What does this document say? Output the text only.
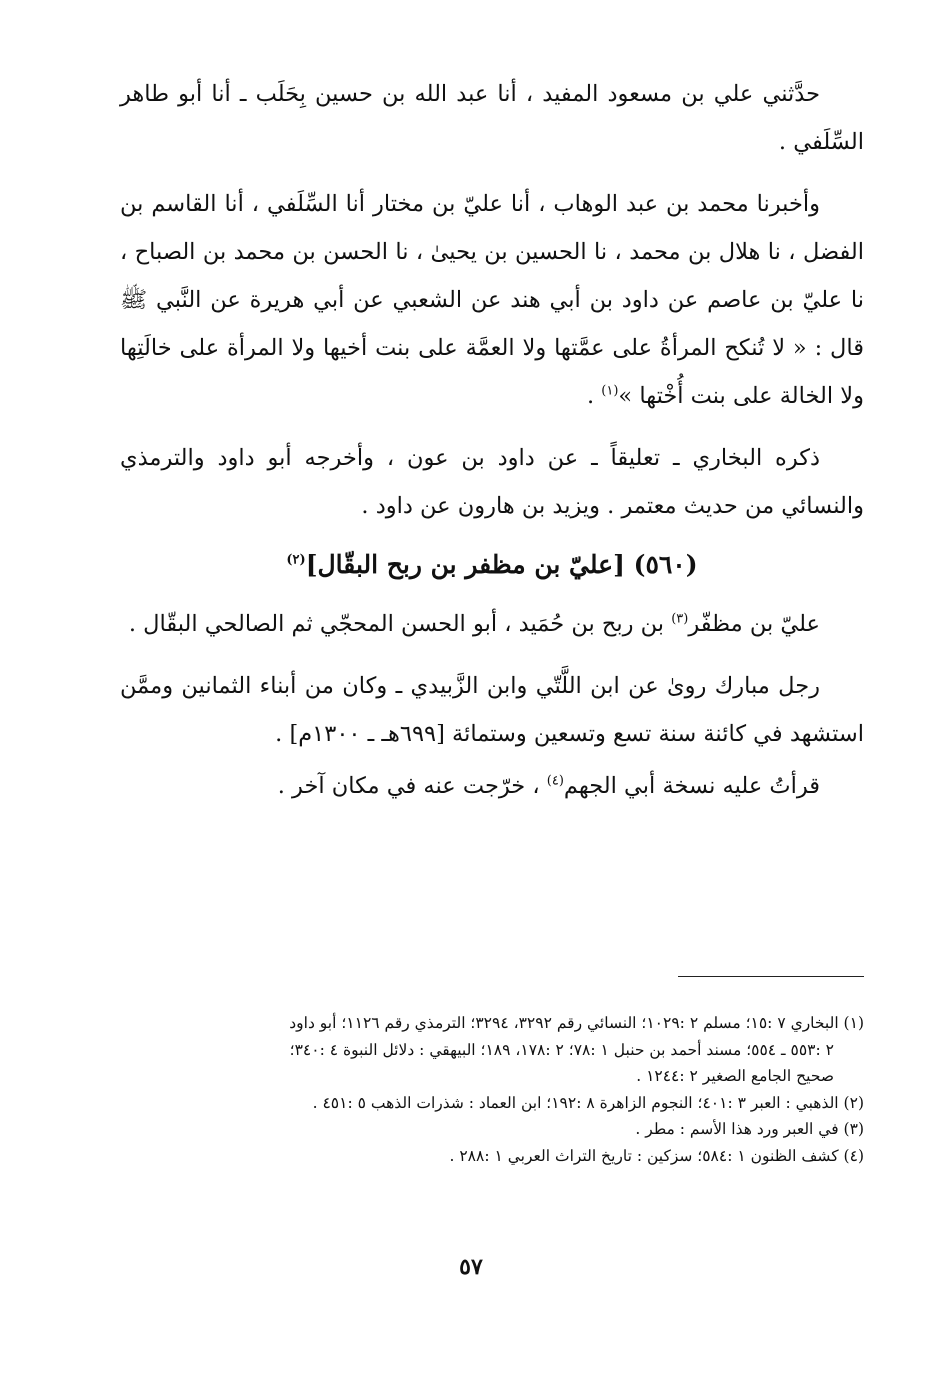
حدَّثني علي بن مسعود المفيد ، أنا عبد الله بن حسين بِحَلَب ـ أنا أبو طاهر السِّلَفي .

وأخبرنا محمد بن عبد الوهاب ، أنا عليّ بن مختار أنا السِّلَفي ، أنا القاسم بن الفضل ، نا هلال بن محمد ، نا الحسين بن يحيىٰ ، نا الحسن بن محمد بن الصباح ، نا عليّ بن عاصم عن داود بن أبي هند عن الشعبي عن أبي هريرة عن النَّبي ﷺ قال : « لا تُنكح المرأةُ على عمَّتها ولا العمَّة على بنت أخيها ولا المرأة على خالَتِها ولا الخالة على بنت أُخْتها »$^{(١)}$ .

ذكره البخاري ـ تعليقاً ـ عن داود بن عون ، وأخرجه أبو داود والترمذي والنسائي من حديث معتمر . ويزيد بن هارون عن داود .

(٥٦٠) [عليّ بن مظفر بن ربح البقّال]$^{(٢)}$

عليّ بن مظفّر$^{(٣)}$ بن ربح بن حُمَيد ، أبو الحسن المحجّي ثم الصالحي البقّال .

رجل مبارك روىٰ عن ابن اللَّتّي وابن الزَّبيدي ـ وكان من أبناء الثمانين وممَّن استشهد في كائنة سنة تسع وتسعين وستمائة [٦٩٩هـ ـ ١٣٠٠م] .

قرأتُ عليه نسخة أبي الجهم$^{(٤)}$ ، خرّجت عنه في مكان آخر .

(١) البخاري ٧ :١٥؛ مسلم ٢ :١٠٢٩؛ النسائي رقم ٣٢٩٢، ٣٢٩٤؛ الترمذي رقم ١١٢٦؛ أبو داود
٢ :٥٥٣ ـ ٥٥٤؛ مسند أحمد بن حنبل ١ :٧٨؛ ٢ :١٧٨، ١٨٩؛ البيهقي : دلائل النبوة ٤ :٣٤٠؛
صحيح الجامع الصغير ٢ :١٢٤٤ .

(٢) الذهبي : العبر ٣ :٤٠١؛ النجوم الزاهرة ٨ :١٩٢؛ ابن العماد : شذرات الذهب ٥ :٤٥١ .

(٣) في العبر ورد هذا الأسم : مطر .

(٤) كشف الظنون ١ :٥٨٤؛ سزكين : تاريخ التراث العربي ١ :٢٨٨ .

٥٧
